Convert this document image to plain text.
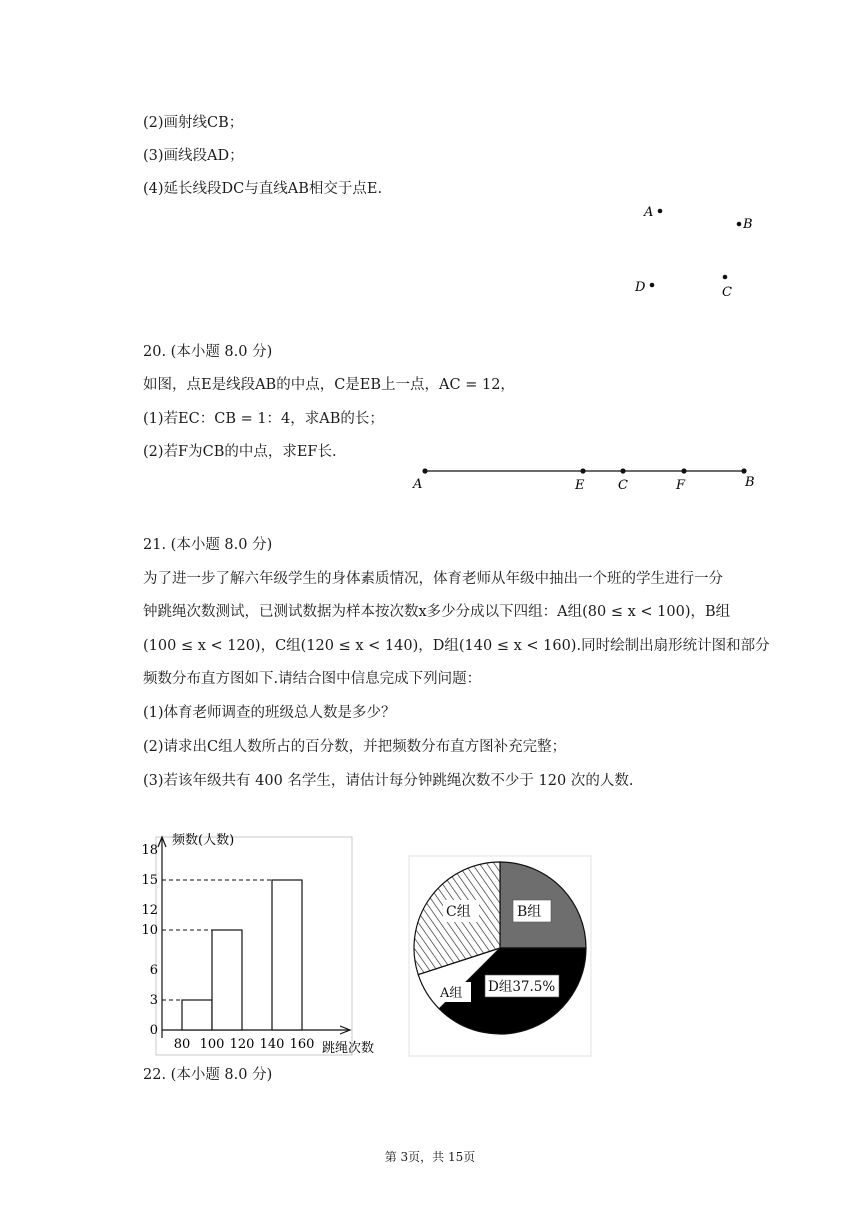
(2)画射线CB；
(3)画线段AD；
(4)延长线段DC与直线AB相交于点E.
A
B
D	C
20. (本小题 8.0 分)
如图，点E是线段AB的中点，C是EB上一点，AC = 12，
(1)若EC：CB = 1：4，求AB的长；
(2)若F为CB的中点，求EF长.
A	E	C	F	B
21. (本小题 8.0 分)
为了进一步了解六年级学生的身体素质情况，体育老师从年级中抽出一个班的学生进行一分
钟跳绳次数测试，已测试数据为样本按次数x多少分成以下四组：A组(80 ≤ x < 100)，B组
(100 ≤ x < 120)，C组(120 ≤ x < 140)，D组(140 ≤ x < 160).同时绘制出扇形统计图和部分
频数分布直方图如下.请结合图中信息完成下列问题：
(1)体育老师调查的班级总人数是多少？
(2)请求出C组人数所占的百分数，并把频数分布直方图补充完整；
(3)若该年级共有 400 名学生，请估计每分钟跳绳次数不少于 120 次的人数.
频数(人数)
跳绳次数
0
3
6
10
12
15
18
80 100 120 140 160
B组
D组37.5%
A组
C组
22. (本小题 8.0 分)
第 3页，共 15页
